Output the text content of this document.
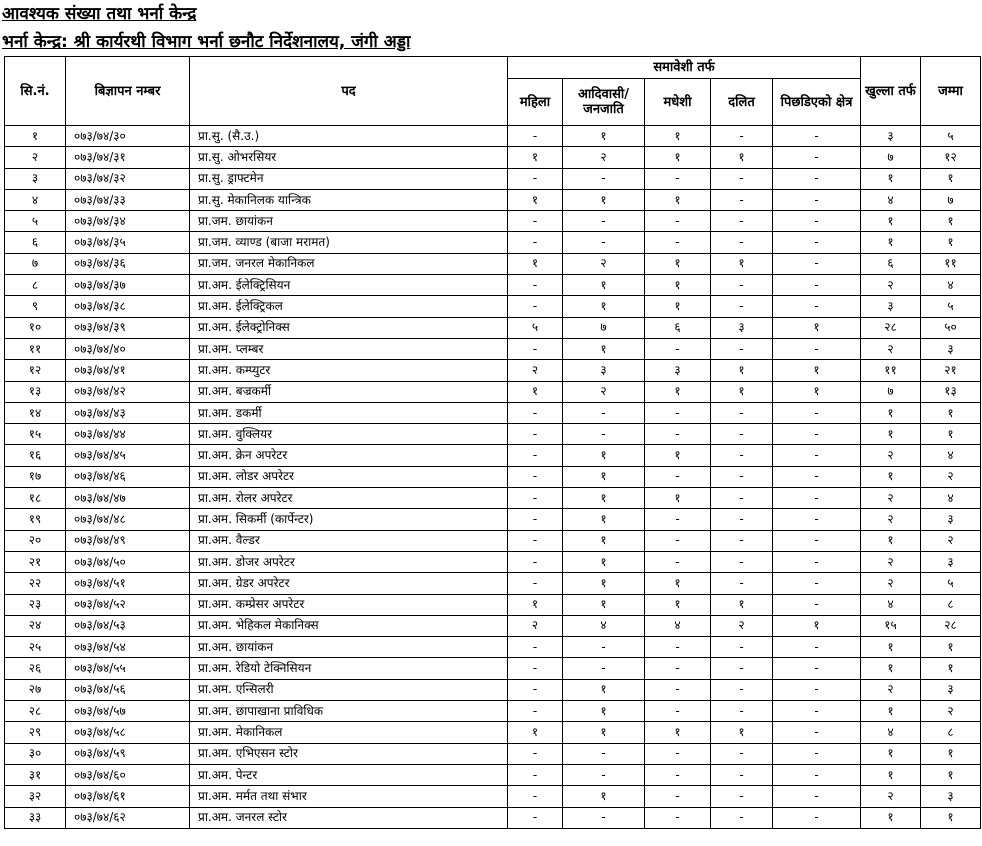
आवश्यक संख्या तथा भर्ना केन्द्र
भर्ना केन्द्र: श्री कार्यरथी विभाग भर्ना छनौट निर्देशनालय, जंगी अड्डा
सि.नं.	बिज्ञापन नम्बर	पद	समावेशी तर्फ					खुल्ला तर्फ	जम्मा
			महिला	आदिवासी/ जनजाति	मधेशी	दलित	पिछडिएको क्षेत्र		
१	०७३/७४/३०	प्रा.सु. (सै.उ.)	-	१	१	-	-	३	५
२	०७३/७४/३१	प्रा.सु. ओभरसियर	१	२	१	१	-	७	१२
३	०७३/७४/३२	प्रा.सु. ड्राफ्टमेन	-	-	-	-	-	१	१
४	०७३/७४/३३	प्रा.सु. मेकानिलक यान्त्रिक	१	१	१	-	-	४	७
५	०७३/७४/३४	प्रा.जम. छायांकन	-	-	-	-	-	१	१
६	०७३/७४/३५	प्रा.जम. व्याण्ड (बाजा मरामत)	-	-	-	-	-	१	१
७	०७३/७४/३६	प्रा.जम. जनरल मेकानिकल	१	२	१	१	-	६	११
८	०७३/७४/३७	प्रा.अम. ईलेक्ट्रिसियन	-	१	१	-	-	२	४
९	०७३/७४/३८	प्रा.अम. ईलेक्ट्रिकल	-	१	१	-	-	३	५
१०	०७३/७४/३९	प्रा.अम. ईलेक्ट्रोनिक्स	५	७	६	३	१	२८	५०
११	०७३/७४/४०	प्रा.अम. प्लम्बर	-	१	-	-	-	२	३
१२	०७३/७४/४१	प्रा.अम. कम्प्युटर	२	३	३	१	१	११	२१
१३	०७३/७४/४२	प्रा.अम. बज्रकर्मी	१	२	१	१	१	७	१३
१४	०७३/७४/४३	प्रा.अम. डकर्मी	-	-	-	-	-	१	१
१५	०७३/७४/४४	प्रा.अम. वुक्लियर	-	-	-	-	-	१	१
१६	०७३/७४/४५	प्रा.अम. क्रेन अपरेटर	-	१	१	-	-	२	४
१७	०७३/७४/४६	प्रा.अम. लोडर अपरेटर	-	१	-	-	-	१	२
१८	०७३/७४/४७	प्रा.अम. रोलर अपरेटर	-	१	१	-	-	२	४
१९	०७३/७४/४८	प्रा.अम. सिकर्मी (कार्पेन्टर)	-	१	-	-	-	२	३
२०	०७३/७४/४९	प्रा.अम. वैल्डर	-	१	-	-	-	१	२
२१	०७३/७४/५०	प्रा.अम. डोजर अपरेटर	-	१	-	-	-	२	३
२२	०७३/७४/५१	प्रा.अम. ग्रेडर अपरेटर	-	१	१	-	-	२	५
२३	०७३/७४/५२	प्रा.अम. कम्प्रेसर अपरेटर	१	१	१	१	-	४	८
२४	०७३/७४/५३	प्रा.अम. भेहिकल मेकानिक्स	२	४	४	२	१	१५	२८
२५	०७३/७४/५४	प्रा.अम. छायांकन	-	-	-	-	-	१	१
२६	०७३/७४/५५	प्रा.अम. रेडियो टेक्निसियन	-	-	-	-	-	१	१
२७	०७३/७४/५६	प्रा.अम. एन्सिलरी	-	१	-	-	-	२	३
२८	०७३/७४/५७	प्रा.अम. छापाखाना प्राविधिक	-	१	-	-	-	१	२
२९	०७३/७४/५८	प्रा.अम. मेकानिकल	१	१	१	१	-	४	८
३०	०७३/७४/५९	प्रा.अम. एभिएसन स्टोर	-	-	-	-	-	१	१
३१	०७३/७४/६०	प्रा.अम. पेन्टर	-	-	-	-	-	१	१
३२	०७३/७४/६१	प्रा.अम. मर्मत तथा संभार	-	१	-	-	-	२	३
३३	०७३/७४/६२	प्रा.अम. जनरल स्टोर	-	-	-	-	-	१	१
